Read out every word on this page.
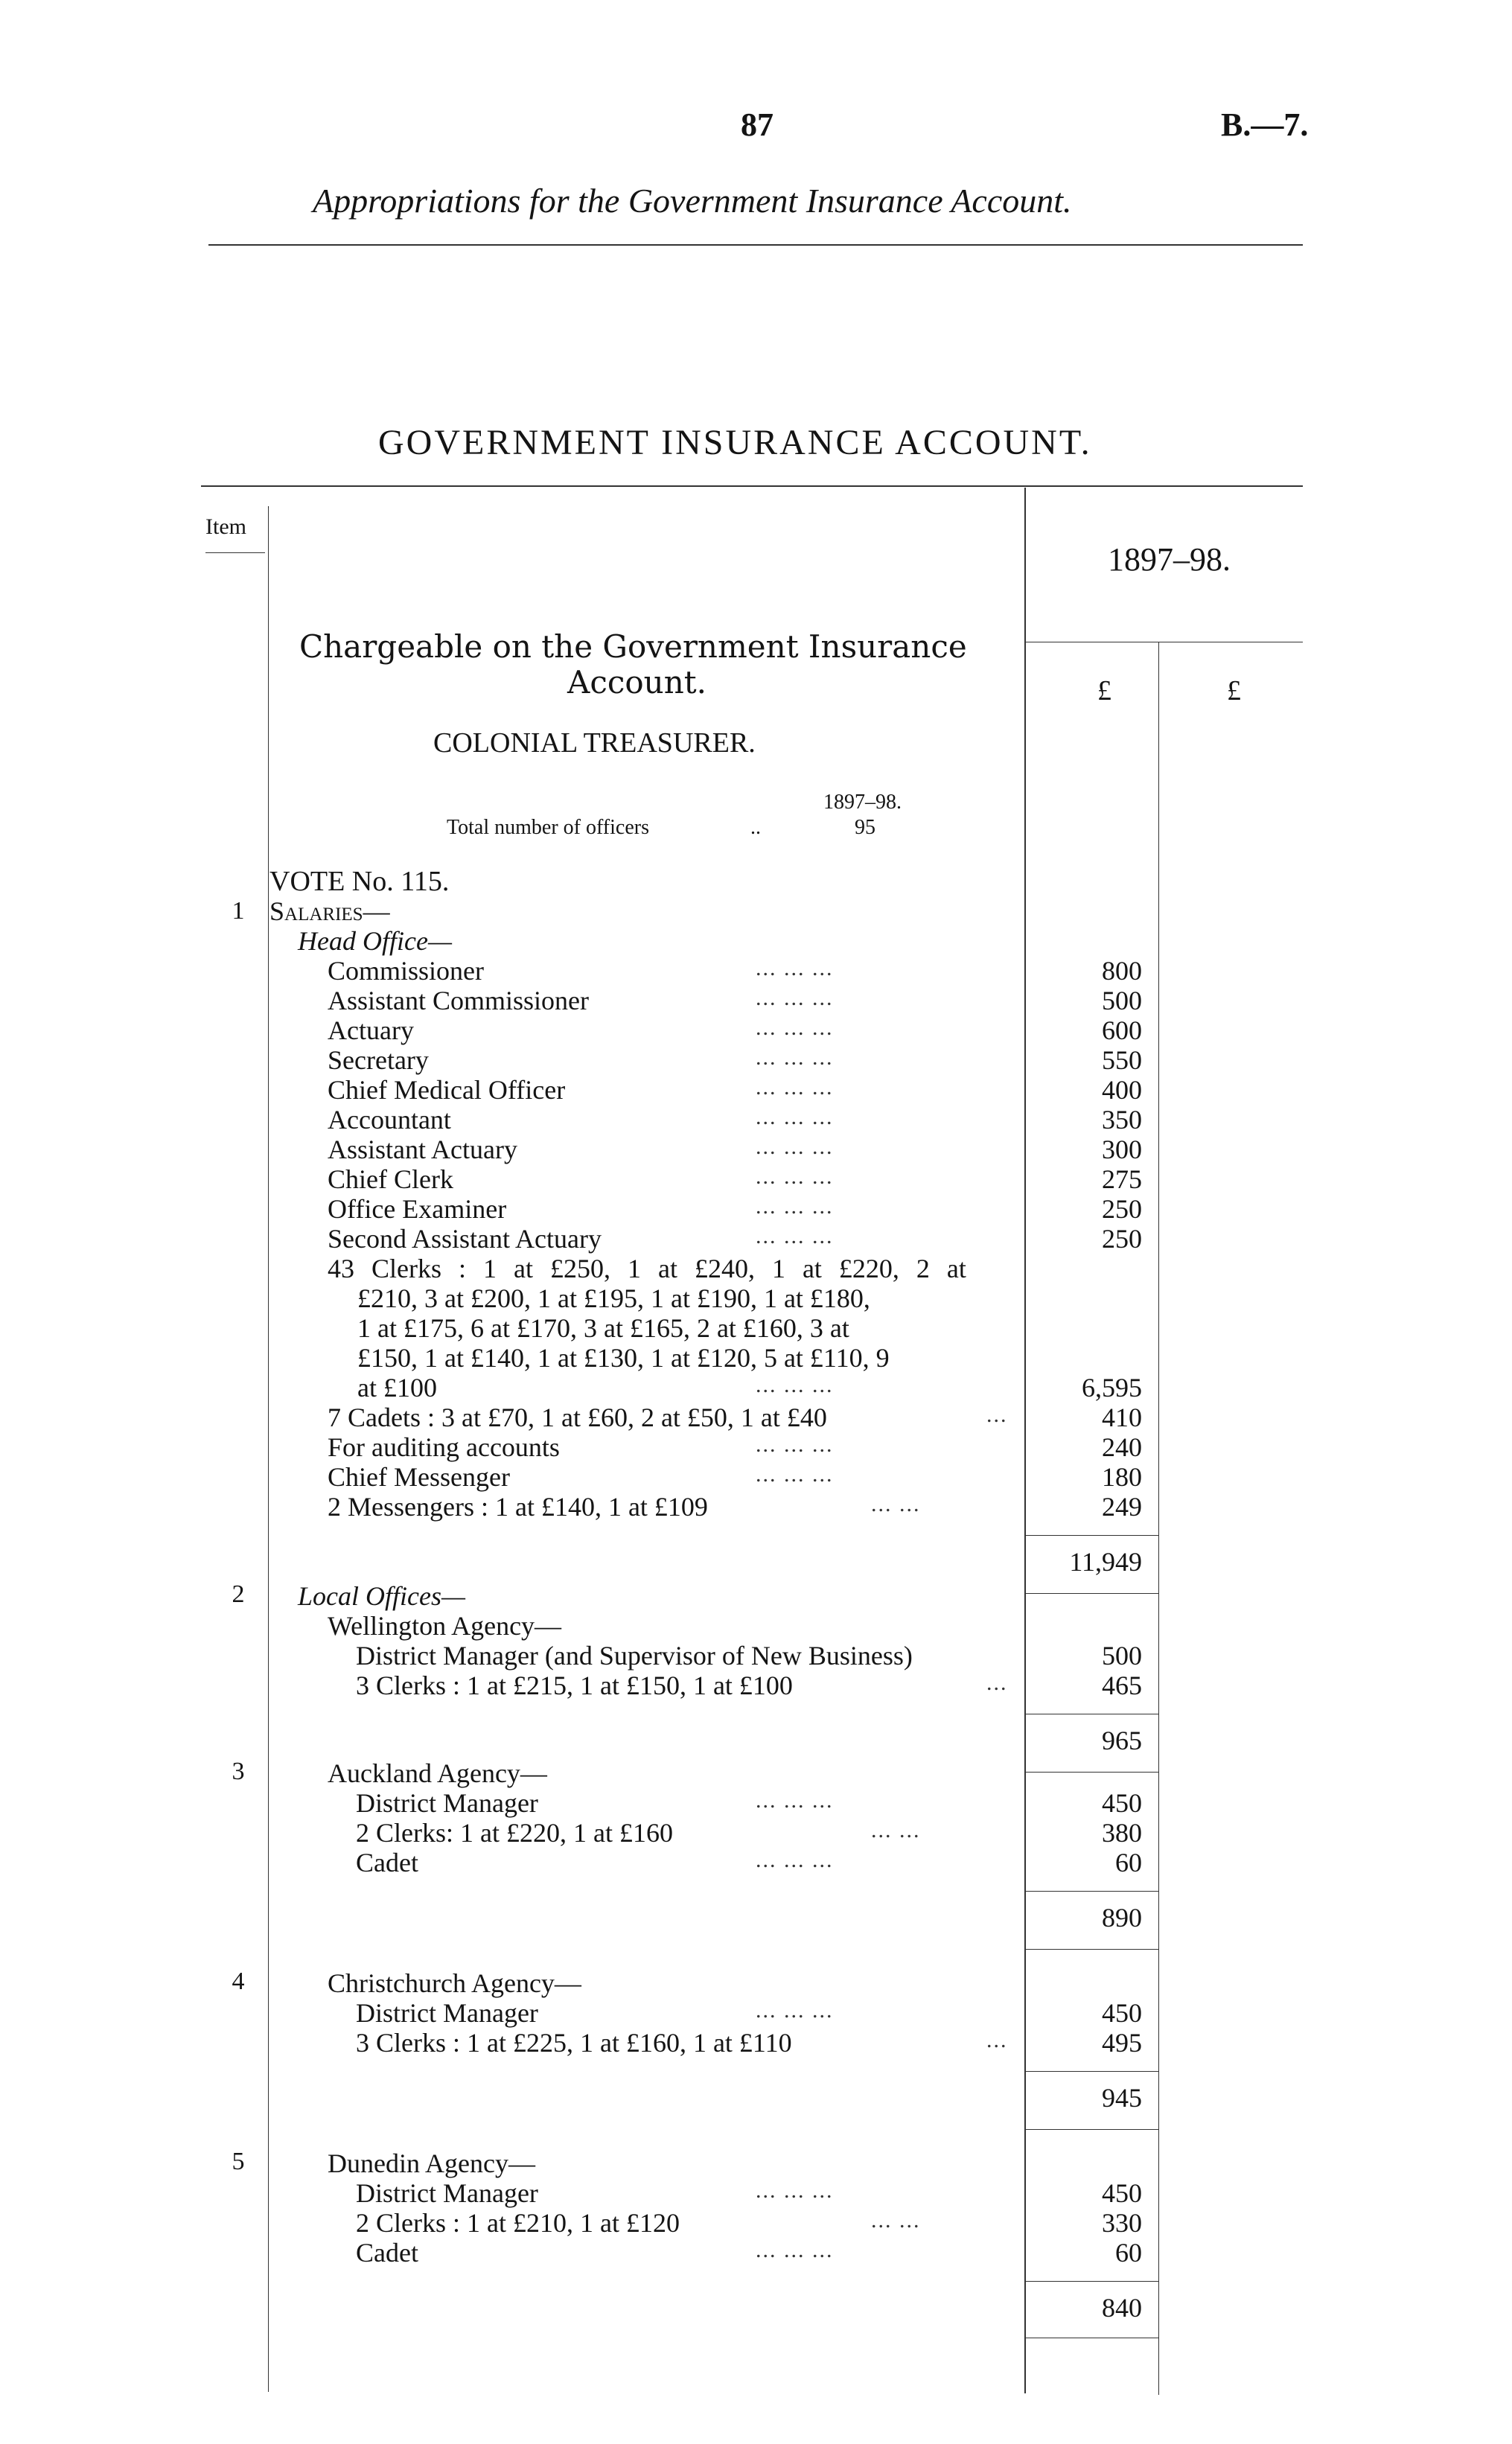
87	B.—7.
Appropriations for the Government Insurance Account.
GOVERNMENT INSURANCE ACCOUNT.
Item
1897–98.
£	£
Chargeable on the Government Insurance
Account.
COLONIAL TREASURER.
1897–98.
Total number of officers	..	95
VOTE No. 115.
1 Salaries—
Head Office—
Commissioner	... ... ...	800
Assistant Commissioner	... ... ...	500
Actuary	... ... ...	600
Secretary	... ... ...	550
Chief Medical Officer	... ... ...	400
Accountant	... ... ...	350
Assistant Actuary	... ... ...	300
Chief Clerk	... ... ...	275
Office Examiner	... ... ...	250
Second Assistant Actuary	... ... ...	250
43 Clerks : 1 at £250, 1 at £240, 1 at £220, 2 at
£210, 3 at £200, 1 at £195, 1 at £190, 1 at £180,
1 at £175, 6 at £170, 3 at £165, 2 at £160, 3 at
£150, 1 at £140, 1 at £130, 1 at £120, 5 at £110, 9
at £100	... ... ...	6,595
7 Cadets : 3 at £70, 1 at £60, 2 at £50, 1 at £40	...	410
For auditing accounts	... ... ...	240
Chief Messenger	... ... ...	180
2 Messengers : 1 at £140, 1 at £109	... ...	249
11,949
2	Local Offices—
Wellington Agency—
District Manager (and Supervisor of New Business)	500
3 Clerks : 1 at £215, 1 at £150, 1 at £100	...	465
965
3	Auckland Agency—
District Manager	... ... ...	450
2 Clerks: 1 at £220, 1 at £160	... ...	380
Cadet	... ... ...	60
890
4	Christchurch Agency—
District Manager	... ... ...	450
3 Clerks : 1 at £225, 1 at £160, 1 at £110	...	495
945
5	Dunedin Agency—
District Manager	... ... ...	450
2 Clerks : 1 at £210, 1 at £120	... ...	330
Cadet	... ... ...	60
840
